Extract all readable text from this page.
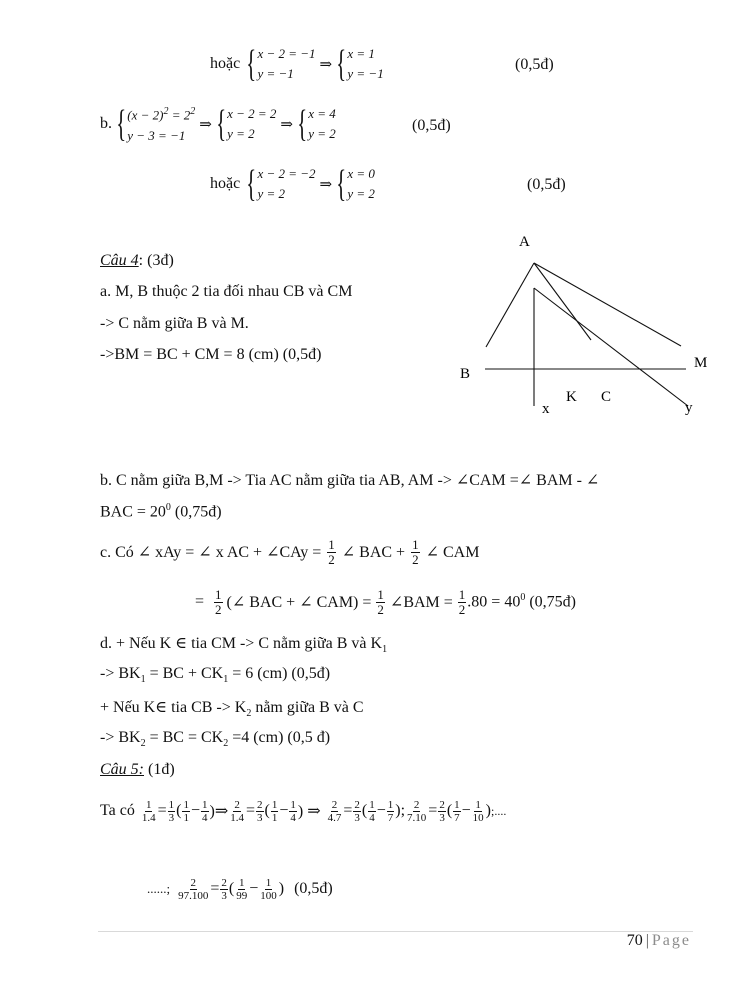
hoặc { x − 2 = −1
y = −1
⇒ { x = 1
y = −1
(0,5đ)
b. { $(x - 2)^2 = 2^2$
y − 3 = −1
⇒ { x − 2 = 2
y = 2
⇒ { x = 4
y = 2	(0,5đ)
hoặc { x − 2 = −2
y = 2
⇒ { x = 0
y = 2
(0,5đ)
Câu 4: (3đ)
a. M, B thuộc 2 tia đối nhau CB và CM
-> C nằm giữa B và M.
->BM = BC + CM = 8 (cm) (0,5đ)
A
B
M
x
K C
y
b. C nằm giữa B,M -> Tia AC nằm giữa tia AB, AM -> ∠CAM =∠ BAM - ∠
BAC = $20^0$ (0,75đ)
c. Có ∠ xAy = ∠ x AC + ∠CAy = $\frac{1}{2}$ ∠ BAC + $\frac{1}{2}$ ∠ CAM
= $\frac{1}{2}$ (∠ BAC + ∠ $CAM) = \frac{1}{2}$ ∠BAM = $\frac{1}{2} .80 = 40^0$ (0,75đ)
d. + Nếu K ∈ tia CM -> C nằm giữa B và $K_1$
-> $BK_1$ = BC + $CK_1 = 6$ (cm) (0,5đ)
+ Nếu K∈ tia CB -> $K_2$ nằm giữa B và C
-> $BK_2$ = BC = $CK_2 =4$ (cm) (0,5 đ)
Câu 5: (1đ)
Ta có $\frac{1}{1.4} = \frac{1}{3}$ ( $\frac{1}{1} - \frac{1}{4}$ )⇒ $\frac{2}{1.4} = \frac{2}{3}$ ( $\frac{1}{1} - \frac{1}{4}$ ) ⇒ $\frac{2}{4.7} = \frac{2}{3}$ ( $\frac{1}{4} - \frac{1}{7}$ ); $\frac{2}{7.10} = \frac{2}{3}$ ( $\frac{1}{7} - \frac{1}{10}$ ) ;....
......; $\frac{2}{97.100} = \frac{2}{3}$ ( $\frac{1}{99} - \frac{1}{100}$ ) (0,5đ)
70 | Page
